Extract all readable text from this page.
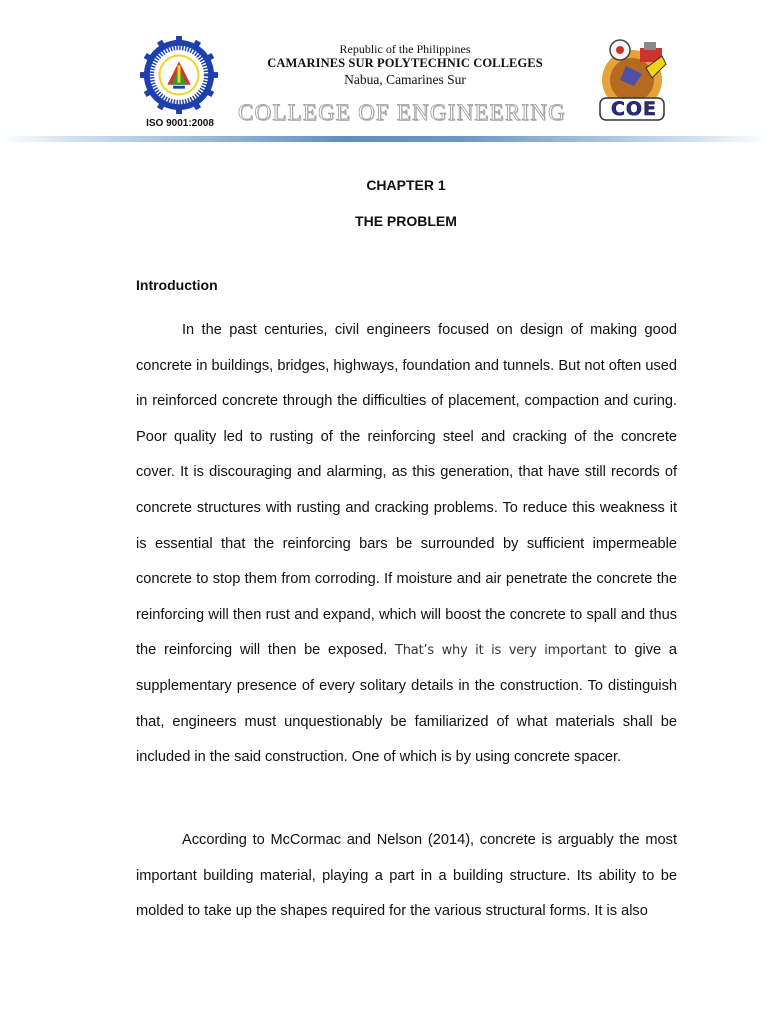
ISO 9001:2008
Republic of the Philippines
CAMARINES SUR POLYTECHNIC COLLEGES
Nabua, Camarines Sur
COLLEGE OF ENGINEERING	COE
CHAPTER 1
THE PROBLEM
Introduction

In the past centuries, civil engineers focused on design of making good concrete in buildings, bridges, highways, foundation and tunnels. But not often used in reinforced concrete through the difficulties of placement, compaction and curing. Poor quality led to rusting of the reinforcing steel and cracking of the concrete cover. It is discouraging and alarming, as this generation, that have still records of concrete structures with rusting and cracking problems. To reduce this weakness it is essential that the reinforcing bars be surrounded by sufficient impermeable concrete to stop them from corroding. If moisture and air penetrate the concrete the reinforcing will then rust and expand, which will boost the concrete to spall and thus the reinforcing will then be exposed. That’s why it is very important to give a supplementary presence of every solitary details in the construction. To distinguish that, engineers must unquestionably be familiarized of what materials shall be included in the said construction. One of which is by using concrete spacer.

According to McCormac and Nelson (2014), concrete is arguably the most important building material, playing a part in a building structure. Its ability to be molded to take up the shapes required for the various structural forms. It is also
